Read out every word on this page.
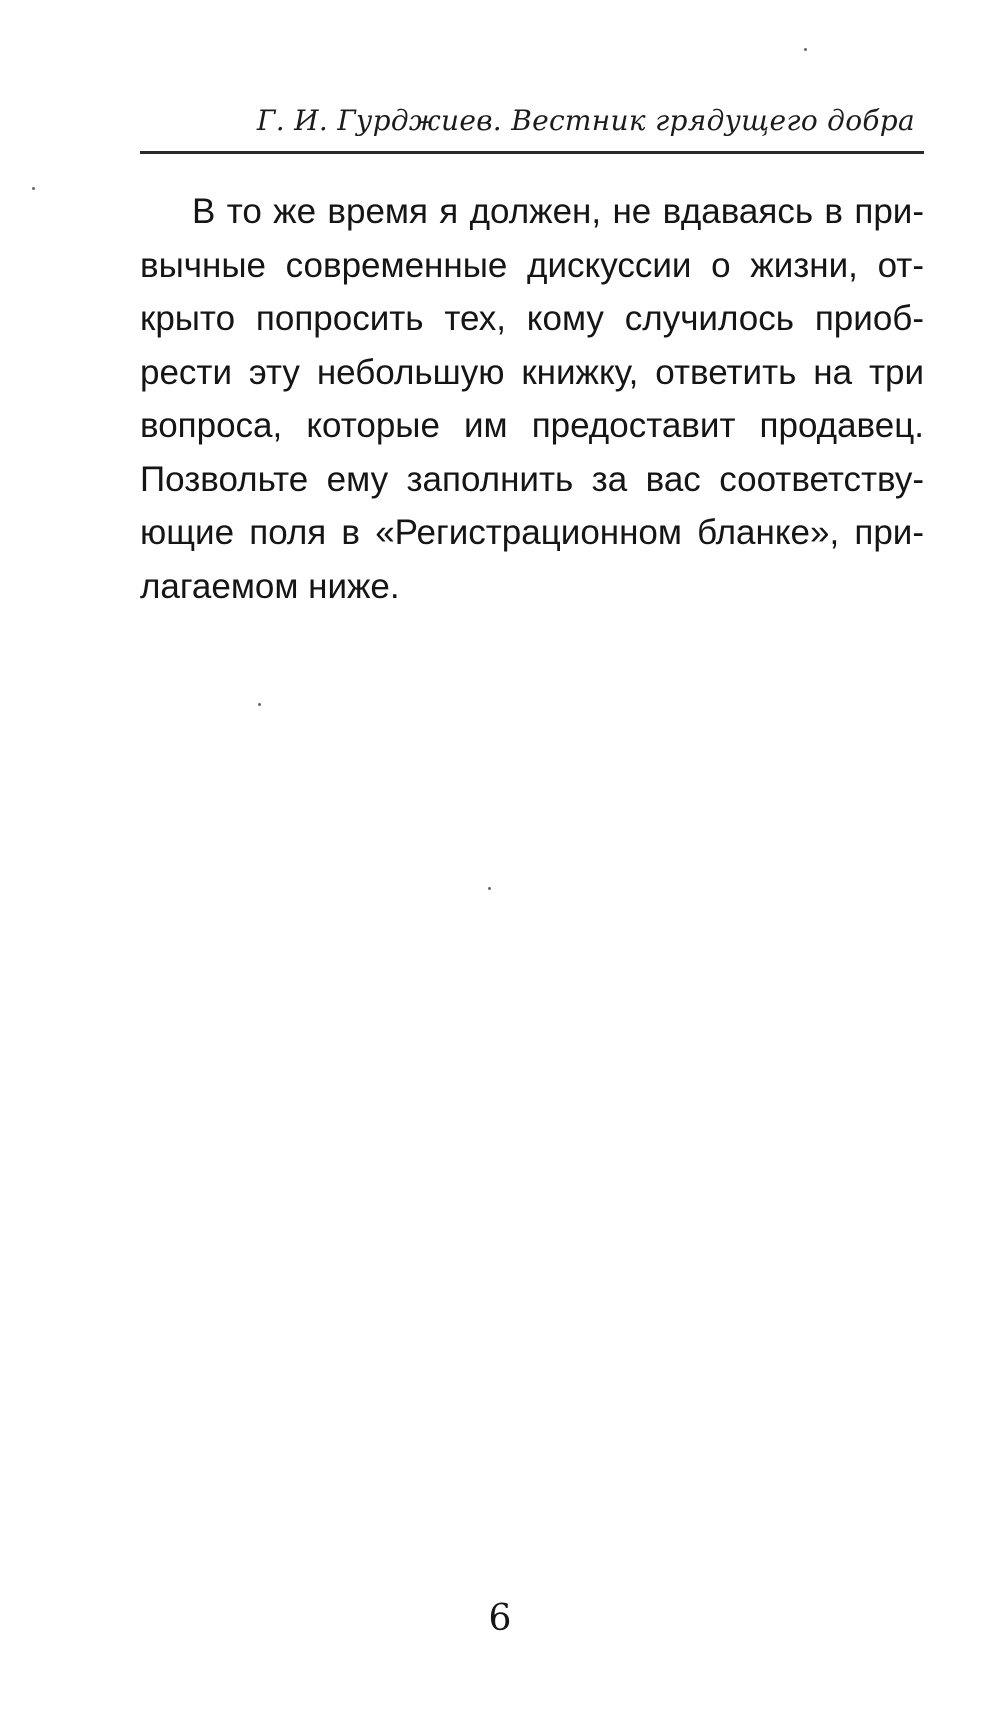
Г. И. Гурджиев. Вестник грядущего добра

В то же время я должен, не вдаваясь в при-
вычные современные дискуссии о жизни, от-
крыто попросить тех, кому случилось приоб-
рести эту небольшую книжку, ответить на три
вопроса, которые им предоставит продавец.
Позвольте ему заполнить за вас соответству-
ющие поля в «Регистрационном бланке», при-
лагаемом ниже.

6
